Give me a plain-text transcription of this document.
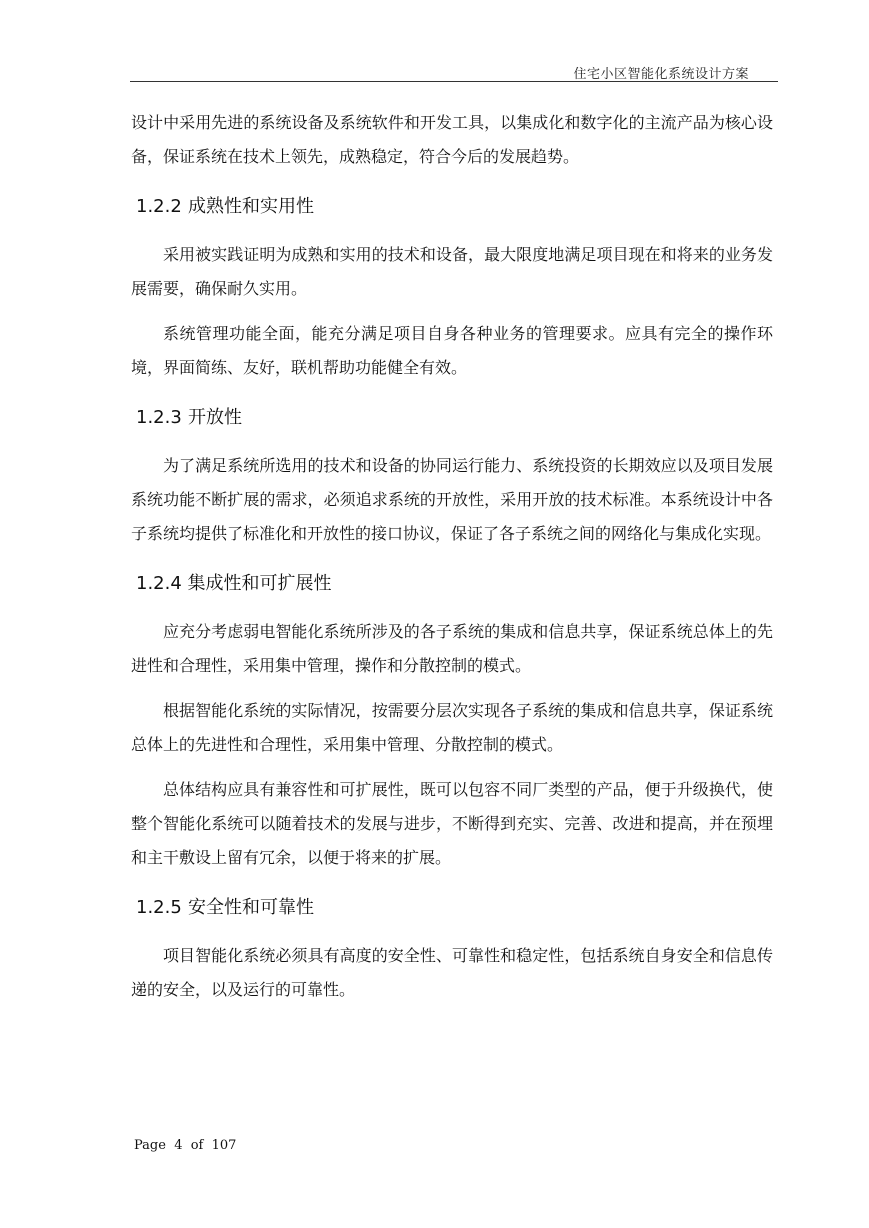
住宅小区智能化系统设计方案

设计中采用先进的系统设备及系统软件和开发工具，以集成化和数字化的主流产品为核心设备，保证系统在技术上领先，成熟稳定，符合今后的发展趋势。

1.2.2 成熟性和实用性

采用被实践证明为成熟和实用的技术和设备，最大限度地满足项目现在和将来的业务发展需要，确保耐久实用。

系统管理功能全面，能充分满足项目自身各种业务的管理要求。应具有完全的操作环境，界面简练、友好，联机帮助功能健全有效。

1.2.3 开放性

为了满足系统所选用的技术和设备的协同运行能力、系统投资的长期效应以及项目发展系统功能不断扩展的需求，必须追求系统的开放性，采用开放的技术标准。本系统设计中各子系统均提供了标准化和开放性的接口协议，保证了各子系统之间的网络化与集成化实现。

1.2.4 集成性和可扩展性

应充分考虑弱电智能化系统所涉及的各子系统的集成和信息共享，保证系统总体上的先进性和合理性，采用集中管理，操作和分散控制的模式。

根据智能化系统的实际情况，按需要分层次实现各子系统的集成和信息共享，保证系统总体上的先进性和合理性，采用集中管理、分散控制的模式。

总体结构应具有兼容性和可扩展性，既可以包容不同厂类型的产品，便于升级换代，使整个智能化系统可以随着技术的发展与进步，不断得到充实、完善、改进和提高，并在预埋和主干敷设上留有冗余，以便于将来的扩展。

1.2.5 安全性和可靠性

项目智能化系统必须具有高度的安全性、可靠性和稳定性，包括系统自身安全和信息传递的安全，以及运行的可靠性。

Page  4  of  107
